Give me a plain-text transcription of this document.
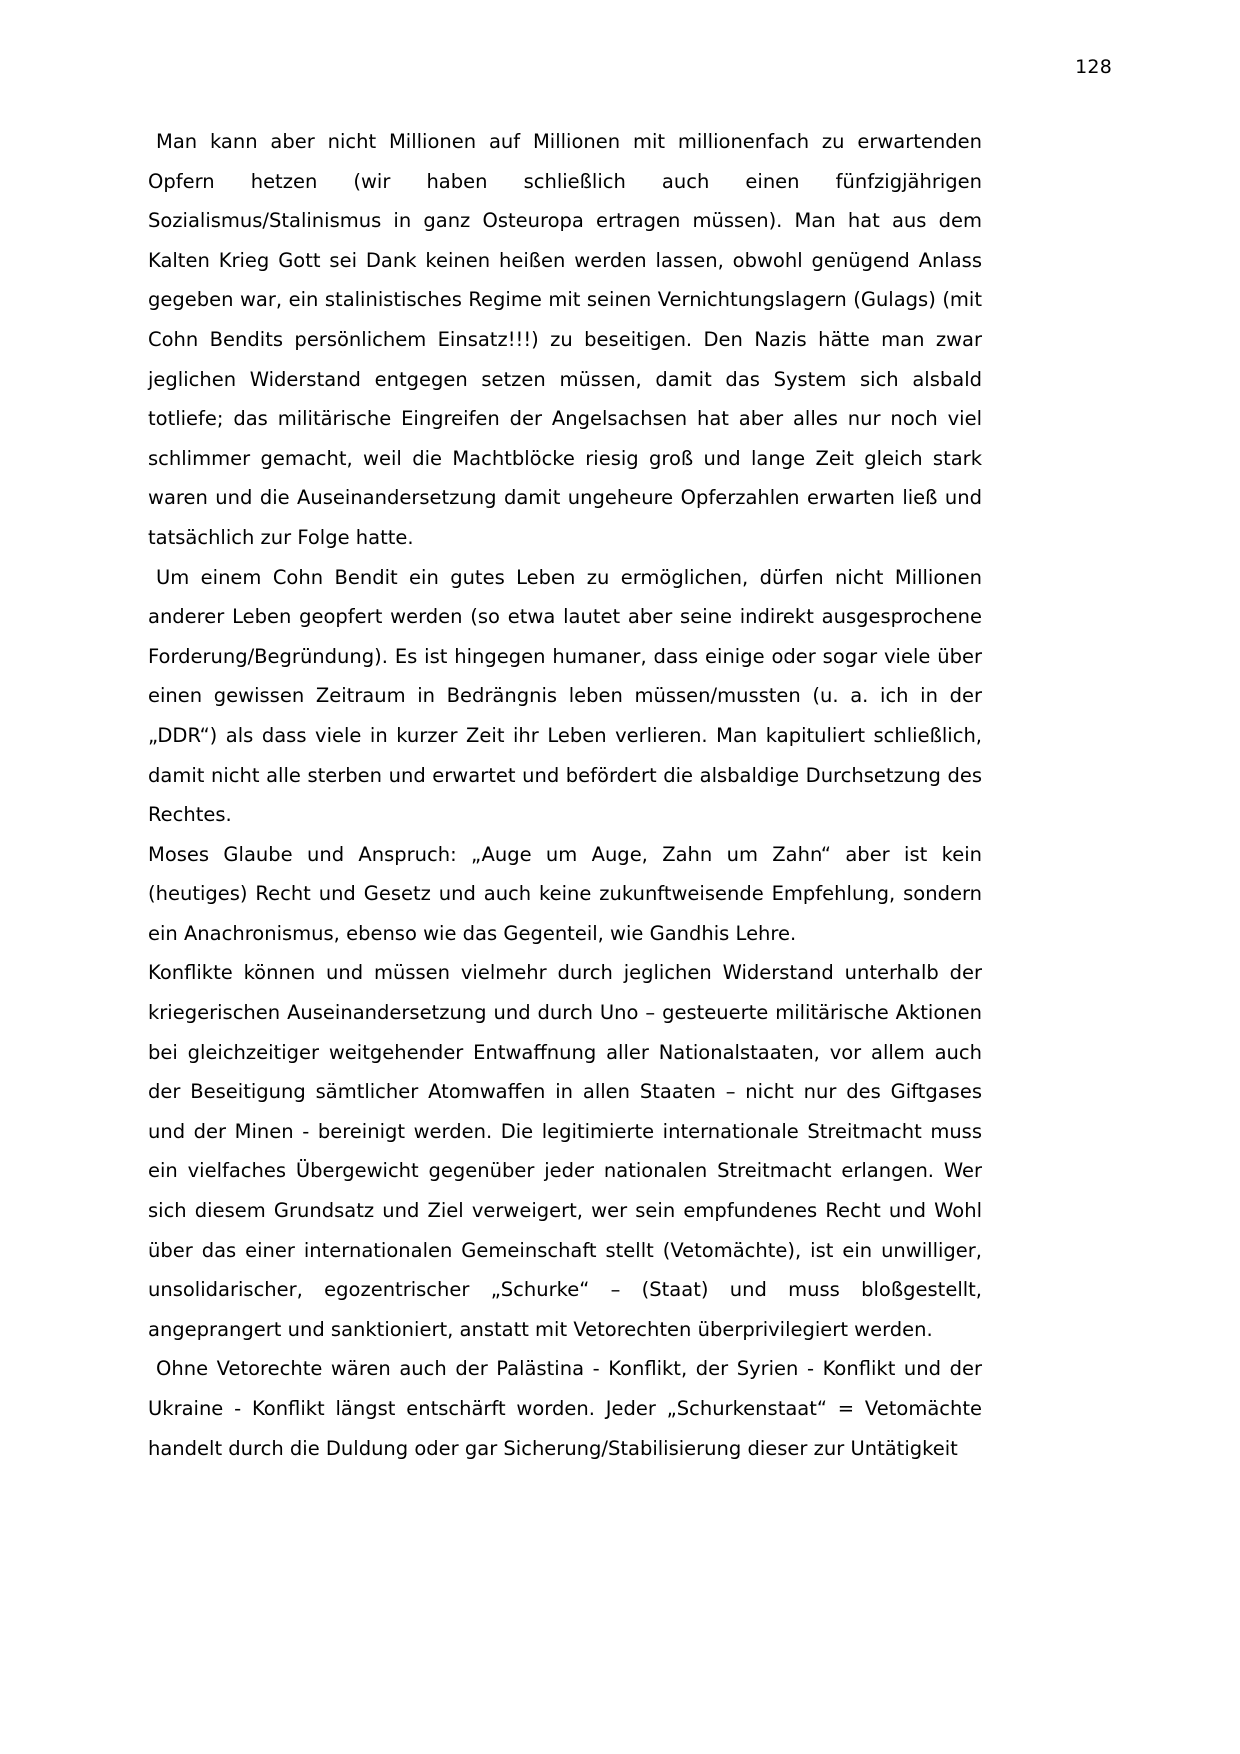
128

Man kann aber nicht Millionen auf Millionen mit millionenfach zu erwartenden Opfern hetzen (wir haben schließlich auch einen fünfzigjährigen Sozialismus/Stalinismus in ganz Osteuropa ertragen müssen). Man hat aus dem Kalten Krieg Gott sei Dank keinen heißen werden lassen, obwohl genügend Anlass gegeben war, ein stalinistisches Regime mit seinen Vernichtungslagern (Gulags) (mit Cohn Bendits persönlichem Einsatz!!!) zu beseitigen. Den Nazis hätte man zwar jeglichen Widerstand entgegen setzen müssen, damit das System sich alsbald totliefe; das militärische Eingreifen der Angelsachsen hat aber alles nur noch viel schlimmer gemacht, weil die Machtblöcke riesig groß und lange Zeit gleich stark waren und die Auseinandersetzung damit ungeheure Opferzahlen erwarten ließ und tatsächlich zur Folge hatte.

Um einem Cohn Bendit ein gutes Leben zu ermöglichen, dürfen nicht Millionen anderer Leben geopfert werden (so etwa lautet aber seine indirekt ausgesprochene Forderung/Begründung). Es ist hingegen humaner, dass einige oder sogar viele über einen gewissen Zeitraum in Bedrängnis leben müssen/mussten (u. a. ich in der „DDR“) als dass viele in kurzer Zeit ihr Leben verlieren. Man kapituliert schließlich, damit nicht alle sterben und erwartet und befördert die alsbaldige Durchsetzung des Rechtes.

Moses Glaube und Anspruch: „Auge um Auge, Zahn um Zahn“ aber ist kein (heutiges) Recht und Gesetz und auch keine zukunftweisende Empfehlung, sondern ein Anachronismus, ebenso wie das Gegenteil, wie Gandhis Lehre.

Konflikte können und müssen vielmehr durch jeglichen Widerstand unterhalb der kriegerischen Auseinandersetzung und durch Uno – gesteuerte militärische Aktionen bei gleichzeitiger weitgehender Entwaffnung aller Nationalstaaten, vor allem auch der Beseitigung sämtlicher Atomwaffen in allen Staaten – nicht nur des Giftgases und der Minen - bereinigt werden. Die legitimierte internationale Streitmacht muss ein vielfaches Übergewicht gegenüber jeder nationalen Streitmacht erlangen. Wer sich diesem Grundsatz und Ziel verweigert, wer sein empfundenes Recht und Wohl über das einer internationalen Gemeinschaft stellt (Vetomächte), ist ein unwilliger, unsolidarischer, egozentrischer „Schurke“ – (Staat) und muss bloßgestellt, angeprangert und sanktioniert, anstatt mit Vetorechten überprivilegiert werden.

Ohne Vetorechte wären auch der Palästina - Konflikt, der Syrien - Konflikt und der Ukraine - Konflikt längst entschärft worden. Jeder „Schurkenstaat“ = Vetomächte handelt durch die Duldung oder gar Sicherung/Stabilisierung dieser zur Untätigkeit
